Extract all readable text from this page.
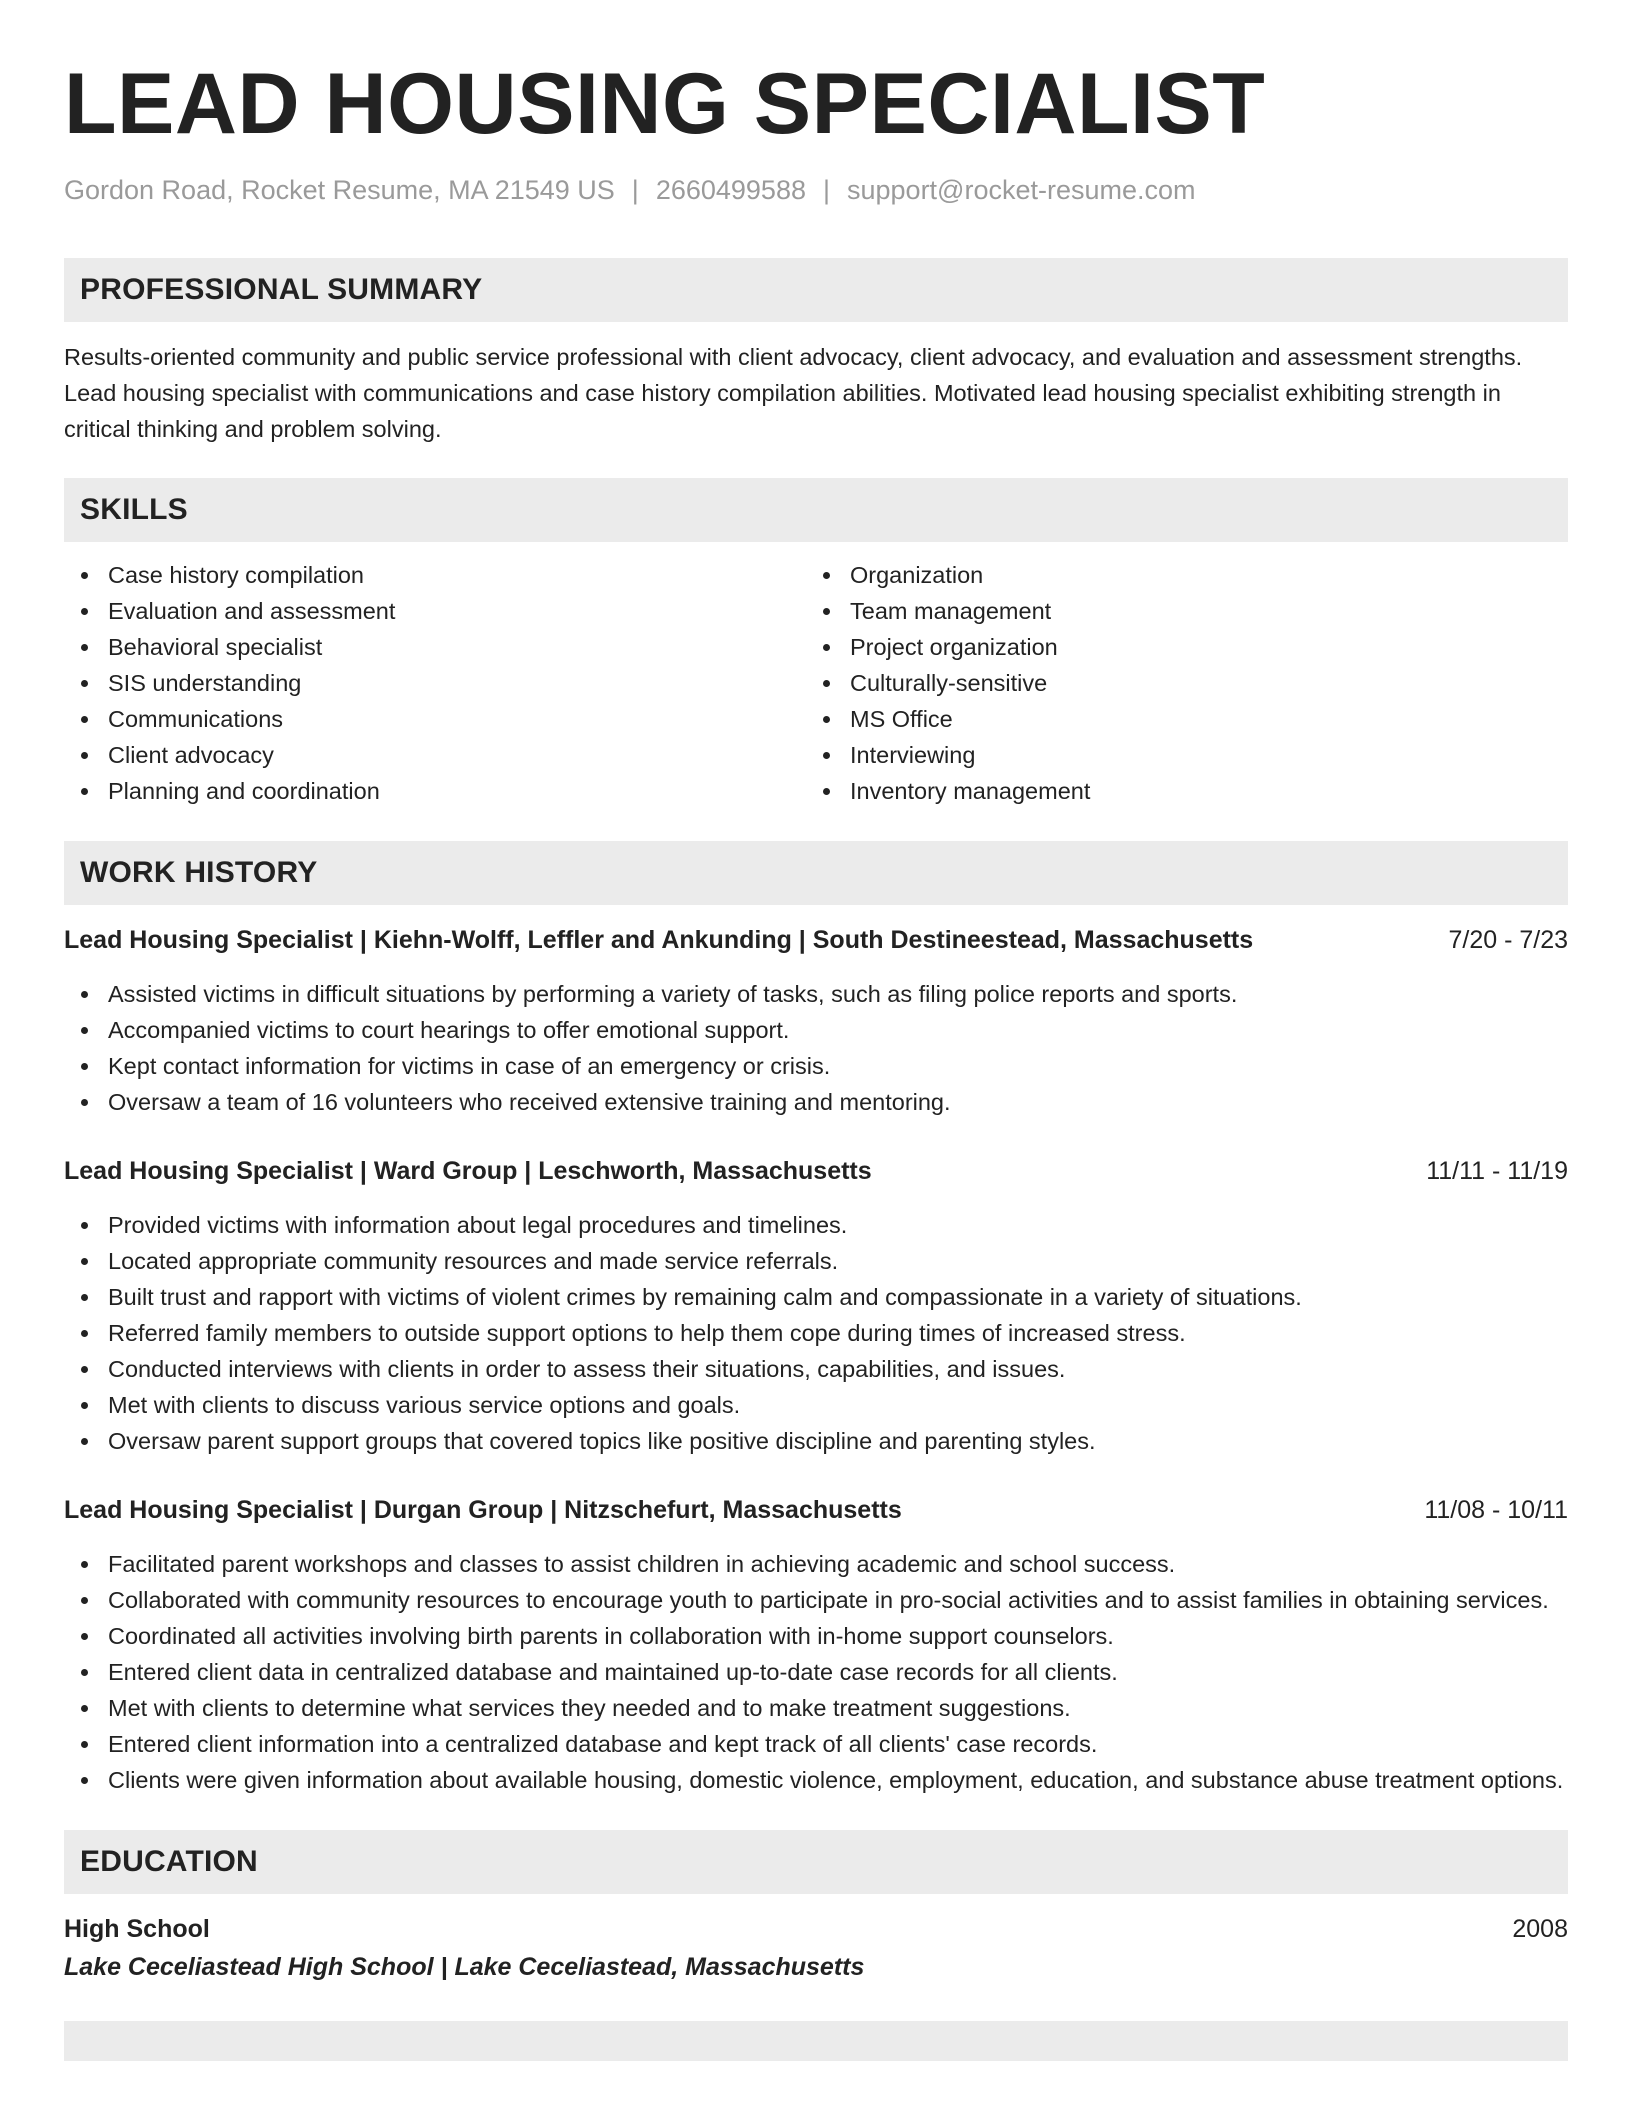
LEAD HOUSING SPECIALIST
Gordon Road, Rocket Resume, MA 21549 US | 2660499588 | support@rocket-resume.com
PROFESSIONAL SUMMARY

Results-oriented community and public service professional with client advocacy, client advocacy, and evaluation and assessment strengths. Lead housing specialist with communications and case history compilation abilities. Motivated lead housing specialist exhibiting strength in critical thinking and problem solving.

SKILLS
Case history compilation
Evaluation and assessment
Behavioral specialist
SIS understanding
Communications
Client advocacy
Planning and coordination
Organization
Team management
Project organization
Culturally-sensitive
MS Office
Interviewing
Inventory management
WORK HISTORY
Lead Housing Specialist | Kiehn-Wolff, Leffler and Ankunding | South Destineestead, Massachusetts	7/20 - 7/23
Assisted victims in difficult situations by performing a variety of tasks, such as filing police reports and sports.
Accompanied victims to court hearings to offer emotional support.
Kept contact information for victims in case of an emergency or crisis.
Oversaw a team of 16 volunteers who received extensive training and mentoring.
Lead Housing Specialist | Ward Group | Leschworth, Massachusetts	11/11 - 11/19
Provided victims with information about legal procedures and timelines.
Located appropriate community resources and made service referrals.
Built trust and rapport with victims of violent crimes by remaining calm and compassionate in a variety of situations.
Referred family members to outside support options to help them cope during times of increased stress.
Conducted interviews with clients in order to assess their situations, capabilities, and issues.
Met with clients to discuss various service options and goals.
Oversaw parent support groups that covered topics like positive discipline and parenting styles.
Lead Housing Specialist | Durgan Group | Nitzschefurt, Massachusetts	11/08 - 10/11
Facilitated parent workshops and classes to assist children in achieving academic and school success.
Collaborated with community resources to encourage youth to participate in pro-social activities and to assist families in obtaining services.
Coordinated all activities involving birth parents in collaboration with in-home support counselors.
Entered client data in centralized database and maintained up-to-date case records for all clients.
Met with clients to determine what services they needed and to make treatment suggestions.
Entered client information into a centralized database and kept track of all clients' case records.
Clients were given information about available housing, domestic violence, employment, education, and substance abuse treatment options.
EDUCATION
High School	2008
Lake Ceceliastead High School | Lake Ceceliastead, Massachusetts
